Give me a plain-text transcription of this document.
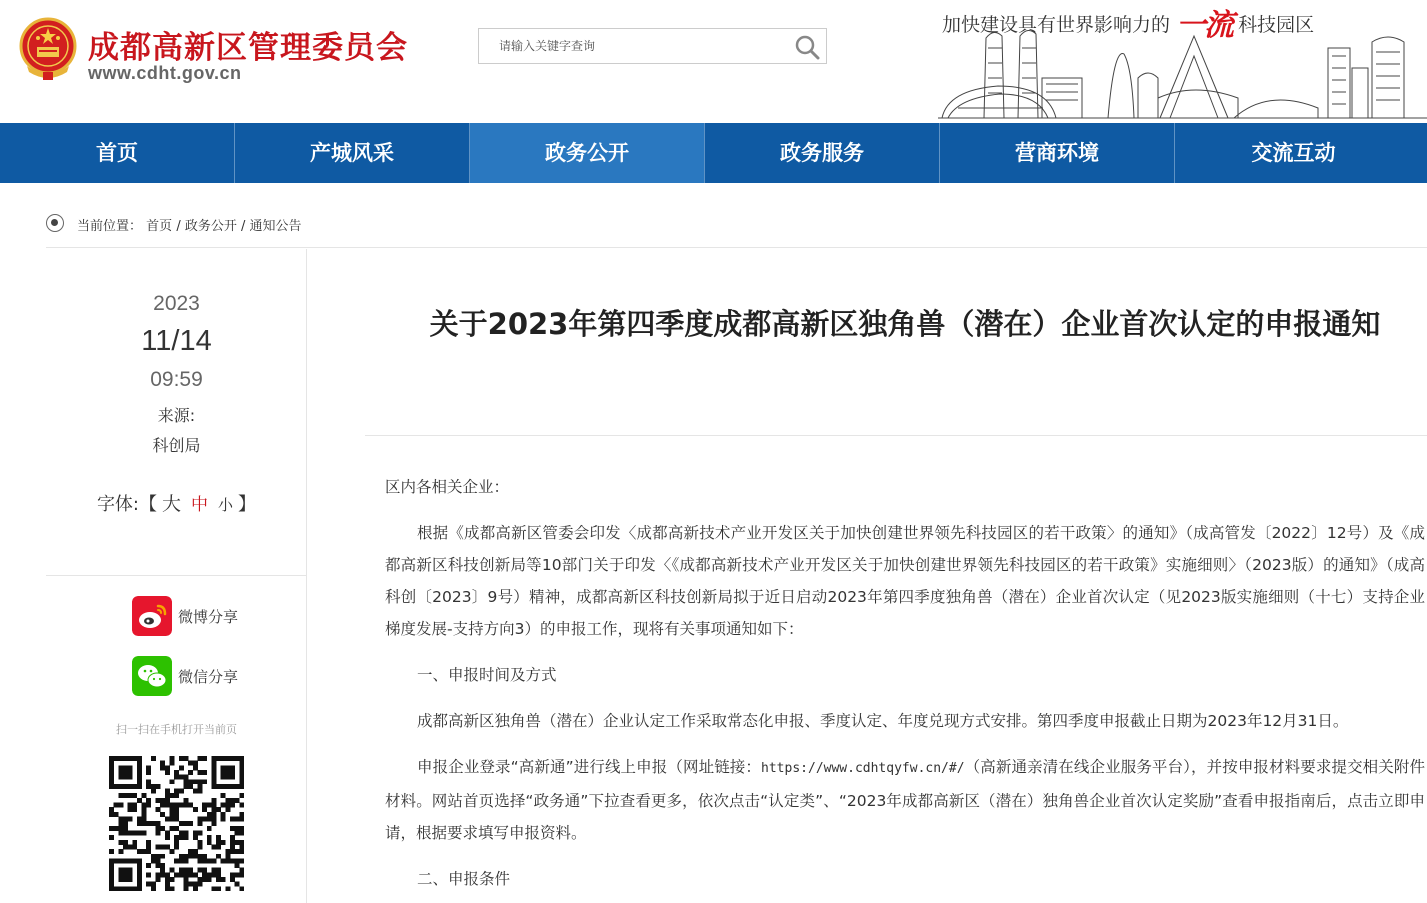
成都高新区管理委员会
www.cdht.gov.cn
请输入关键字查询
加快建设具有世界影响力的 一流 科技园区
首页	产城风采	政务公开	政务服务	营商环境	交流互动
当前位置： 首页 / 政务公开 / 通知公告
2023
11/14
09:59
来源:
科创局
字体:【 大 中 小 】
微博分享
微信分享
扫一扫在手机打开当前页
关于2023年第四季度成都高新区独角兽（潜在）企业首次认定的申报通知

区内各相关企业：

根据《成都高新区管委会印发〈成都高新技术产业开发区关于加快创建世界领先科技园区的若干政策〉的通知》（成高管发〔2022〕12号）及《成都高新区科技创新局等10部门关于印发〈《成都高新技术产业开发区关于加快创建世界领先科技园区的若干政策》实施细则〉（2023版）的通知》（成高科创〔2023〕9号）精神，成都高新区科技创新局拟于近日启动2023年第四季度独角兽（潜在）企业首次认定（见2023版实施细则（十七）支持企业梯度发展-支持方向3）的申报工作，现将有关事项通知如下：

一、申报时间及方式

成都高新区独角兽（潜在）企业认定工作采取常态化申报、季度认定、年度兑现方式安排。第四季度申报截止日期为2023年12月31日。

申报企业登录“高新通”进行线上申报（网址链接：https://www.cdhtqyfw.cn/#/（高新通亲清在线企业服务平台），并按申报材料要求提交相关附件材料。网站首页选择“政务通”下拉查看更多，依次点击“认定类”、“2023年成都高新区（潜在）独角兽企业首次认定奖励”查看申报指南后，点击立即申请，根据要求填写申报资料。

二、申报条件
